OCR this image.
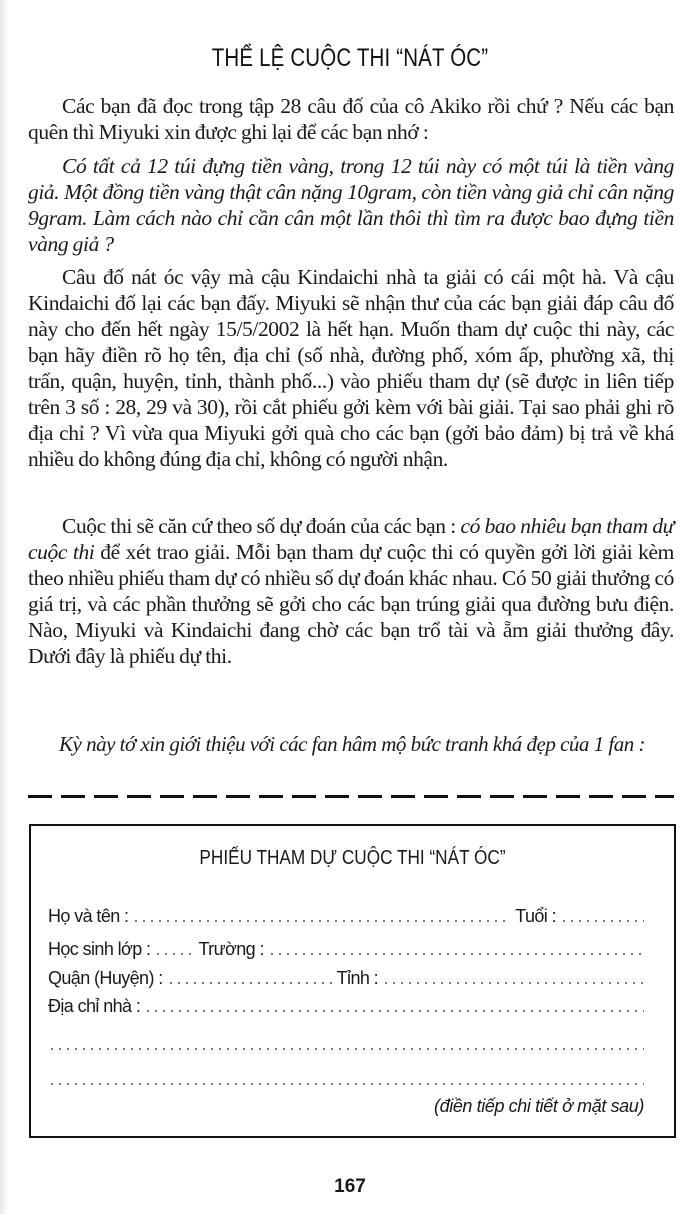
THỂ LỆ CUỘC THI “NÁT ÓC”

Các bạn đã đọc trong tập 28 câu đố của cô Akiko rồi chứ ? Nếu các bạn quên thì Miyuki xin được ghi lại để các bạn nhớ :

Có tất cả 12 túi đựng tiền vàng, trong 12 túi này có một túi là tiền vàng giả. Một đồng tiền vàng thật cân nặng 10gram, còn tiền vàng giả chỉ cân nặng 9gram. Làm cách nào chỉ cần cân một lần thôi thì tìm ra được bao đựng tiền vàng giả ?

Câu đố nát óc vậy mà cậu Kindaichi nhà ta giải có cái một hà. Và cậu Kindaichi đố lại các bạn đấy. Miyuki sẽ nhận thư của các bạn giải đáp câu đố này cho đến hết ngày 15/5/2002 là hết hạn. Muốn tham dự cuộc thi này, các bạn hãy điền rõ họ tên, địa chỉ (số nhà, đường phố, xóm ấp, phường xã, thị trấn, quận, huyện, tỉnh, thành phố...) vào phiếu tham dự (sẽ được in liên tiếp trên 3 số : 28, 29 và 30), rồi cắt phiếu gởi kèm với bài giải. Tại sao phải ghi rõ địa chỉ ? Vì vừa qua Miyuki gởi quà cho các bạn (gởi bảo đảm) bị trả về khá nhiều do không đúng địa chỉ, không có người nhận.

Cuộc thi sẽ căn cứ theo số dự đoán của các bạn : có bao nhiêu bạn tham dự cuộc thi để xét trao giải. Mỗi bạn tham dự cuộc thi có quyền gởi lời giải kèm theo nhiều phiếu tham dự có nhiều số dự đoán khác nhau. Có 50 giải thưởng có giá trị, và các phần thưởng sẽ gởi cho các bạn trúng giải qua đường bưu điện. Nào, Miyuki và Kindaichi đang chờ các bạn trổ tài và ẵm giải thưởng đây. Dưới đây là phiếu dự thi.

Kỳ này tớ xin giới thiệu với các fan hâm mộ bức tranh khá đẹp của 1 fan :
PHIẾU THAM DỰ CUỘC THI “NÁT ÓC”
Họ và tên :	Tuổi :
Học sinh lớp :	Trường :
Quận (Huyện) :	Tỉnh :
Địa chỉ nhà :
(điền tiếp chi tiết ở mặt sau)
167
